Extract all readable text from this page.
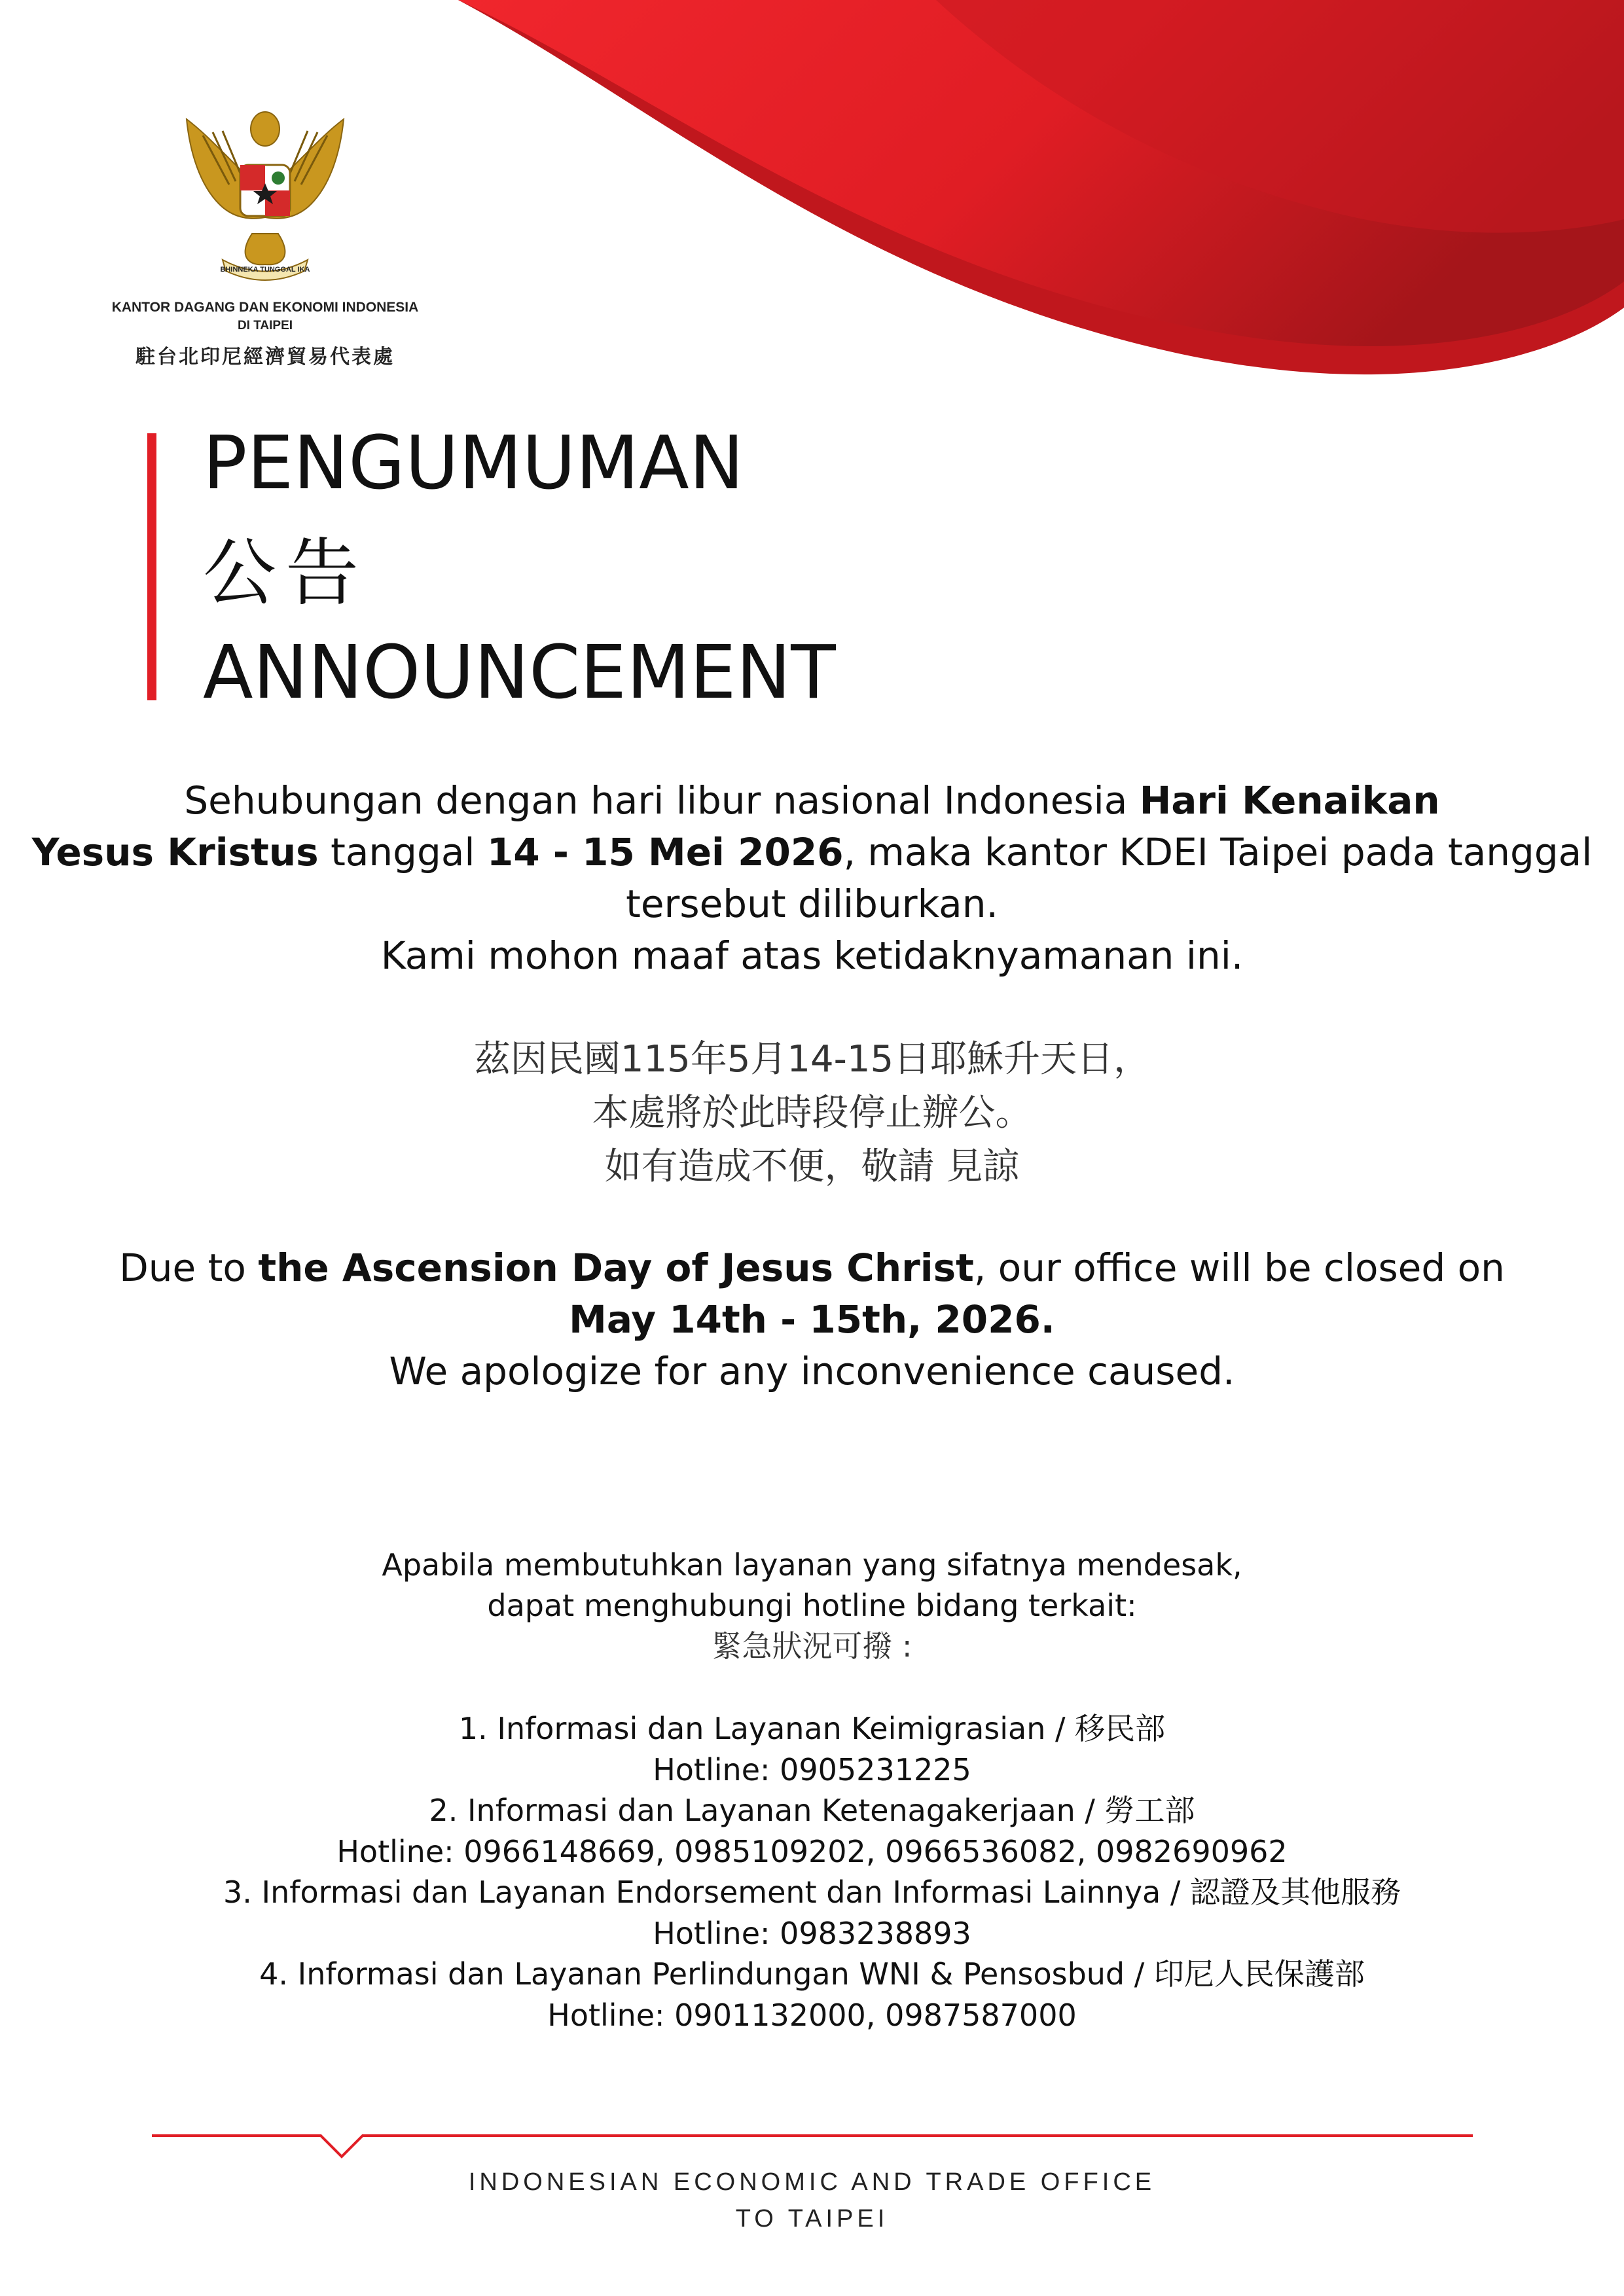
BHINNEKA TUNGGAL IKA
KANTOR DAGANG DAN EKONOMI INDONESIA
DI TAIPEI
駐台北印尼經濟貿易代表處
PENGUMUMAN
公告
ANNOUNCEMENT
Sehubungan dengan hari libur nasional Indonesia Hari Kenaikan
Yesus Kristus tanggal 14 - 15 Mei 2026, maka kantor KDEI Taipei pada tanggal
tersebut diliburkan.
Kami mohon maaf atas ketidaknyamanan ini.
茲因民國115年5月14-15日耶穌升天日，
本處將於此時段停止辦公。
如有造成不便，敬請 見諒
Due to the Ascension Day of Jesus Christ, our office will be closed on
May 14th - 15th, 2026.
We apologize for any inconvenience caused.
Apabila membutuhkan layanan yang sifatnya mendesak,
dapat menghubungi hotline bidang terkait:
緊急狀況可撥 :
1. Informasi dan Layanan Keimigrasian / 移民部
Hotline: 0905231225
2. Informasi dan Layanan Ketenagakerjaan / 勞工部
Hotline: 0966148669, 0985109202, 0966536082, 0982690962
3. Informasi dan Layanan Endorsement dan Informasi Lainnya / 認證及其他服務
Hotline: 0983238893
4. Informasi dan Layanan Perlindungan WNI & Pensosbud / 印尼人民保護部
Hotline: 0901132000, 0987587000
INDONESIAN ECONOMIC AND TRADE OFFICE
TO TAIPEI
